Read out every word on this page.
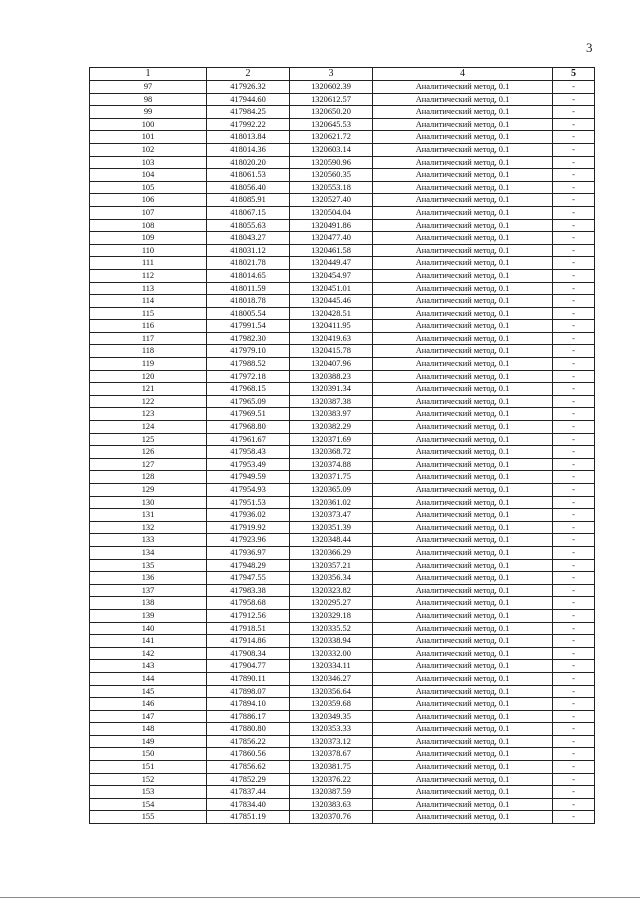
3
1	2	3	4	5
97	417926.32	1320602.39	Аналитический метод, 0.1	-
98	417944.60	1320612.57	Аналитический метод, 0.1	-
99	417984.25	1320650.20	Аналитический метод, 0.1	-
100	417992.22	1320645.53	Аналитический метод, 0.1	-
101	418013.84	1320621.72	Аналитический метод, 0.1	-
102	418014.36	1320603.14	Аналитический метод, 0.1	-
103	418020.20	1320590.96	Аналитический метод, 0.1	-
104	418061.53	1320560.35	Аналитический метод, 0.1	-
105	418056.40	1320553.18	Аналитический метод, 0.1	-
106	418085.91	1320527.40	Аналитический метод, 0.1	-
107	418067.15	1320504.04	Аналитический метод, 0.1	-
108	418055.63	1320491.86	Аналитический метод, 0.1	-
109	418043.27	1320477.40	Аналитический метод, 0.1	-
110	418031.12	1320461.58	Аналитический метод, 0.1	-
111	418021.78	1320449.47	Аналитический метод, 0.1	-
112	418014.65	1320454.97	Аналитический метод, 0.1	-
113	418011.59	1320451.01	Аналитический метод, 0.1	-
114	418018.78	1320445.46	Аналитический метод, 0.1	-
115	418005.54	1320428.51	Аналитический метод, 0.1	-
116	417991.54	1320411.95	Аналитический метод, 0.1	-
117	417982.30	1320419.63	Аналитический метод, 0.1	-
118	417979.10	1320415.78	Аналитический метод, 0.1	-
119	417988.52	1320407.96	Аналитический метод, 0.1	-
120	417972.18	1320388.23	Аналитический метод, 0.1	-
121	417968.15	1320391.34	Аналитический метод, 0.1	-
122	417965.09	1320387.38	Аналитический метод, 0.1	-
123	417969.51	1320383.97	Аналитический метод, 0.1	-
124	417968.80	1320382.29	Аналитический метод, 0.1	-
125	417961.67	1320371.69	Аналитический метод, 0.1	-
126	417958.43	1320368.72	Аналитический метод, 0.1	-
127	417953.49	1320374.88	Аналитический метод, 0.1	-
128	417949.59	1320371.75	Аналитический метод, 0.1	-
129	417954.93	1320365.09	Аналитический метод, 0.1	-
130	417951.53	1320361.02	Аналитический метод, 0.1	-
131	417936.02	1320373.47	Аналитический метод, 0.1	-
132	417919.92	1320351.39	Аналитический метод, 0.1	-
133	417923.96	1320348.44	Аналитический метод, 0.1	-
134	417936.97	1320366.29	Аналитический метод, 0.1	-
135	417948.29	1320357.21	Аналитический метод, 0.1	-
136	417947.55	1320356.34	Аналитический метод, 0.1	-
137	417983.38	1320323.82	Аналитический метод, 0.1	-
138	417958.68	1320295.27	Аналитический метод, 0.1	-
139	417912.56	1320329.18	Аналитический метод, 0.1	-
140	417918.51	1320335.52	Аналитический метод, 0.1	-
141	417914.86	1320338.94	Аналитический метод, 0.1	-
142	417908.34	1320332.00	Аналитический метод, 0.1	-
143	417904.77	1320334.11	Аналитический метод, 0.1	-
144	417890.11	1320346.27	Аналитический метод, 0.1	-
145	417898.07	1320356.64	Аналитический метод, 0.1	-
146	417894.10	1320359.68	Аналитический метод, 0.1	-
147	417886.17	1320349.35	Аналитический метод, 0.1	-
148	417880.80	1320353.33	Аналитический метод, 0.1	-
149	417856.22	1320373.12	Аналитический метод, 0.1	-
150	417860.56	1320378.67	Аналитический метод, 0.1	-
151	417856.62	1320381.75	Аналитический метод, 0.1	-
152	417852.29	1320376.22	Аналитический метод, 0.1	-
153	417837.44	1320387.59	Аналитический метод, 0.1	-
154	417834.40	1320383.63	Аналитический метод, 0.1	-
155	417851.19	1320370.76	Аналитический метод, 0.1	-
